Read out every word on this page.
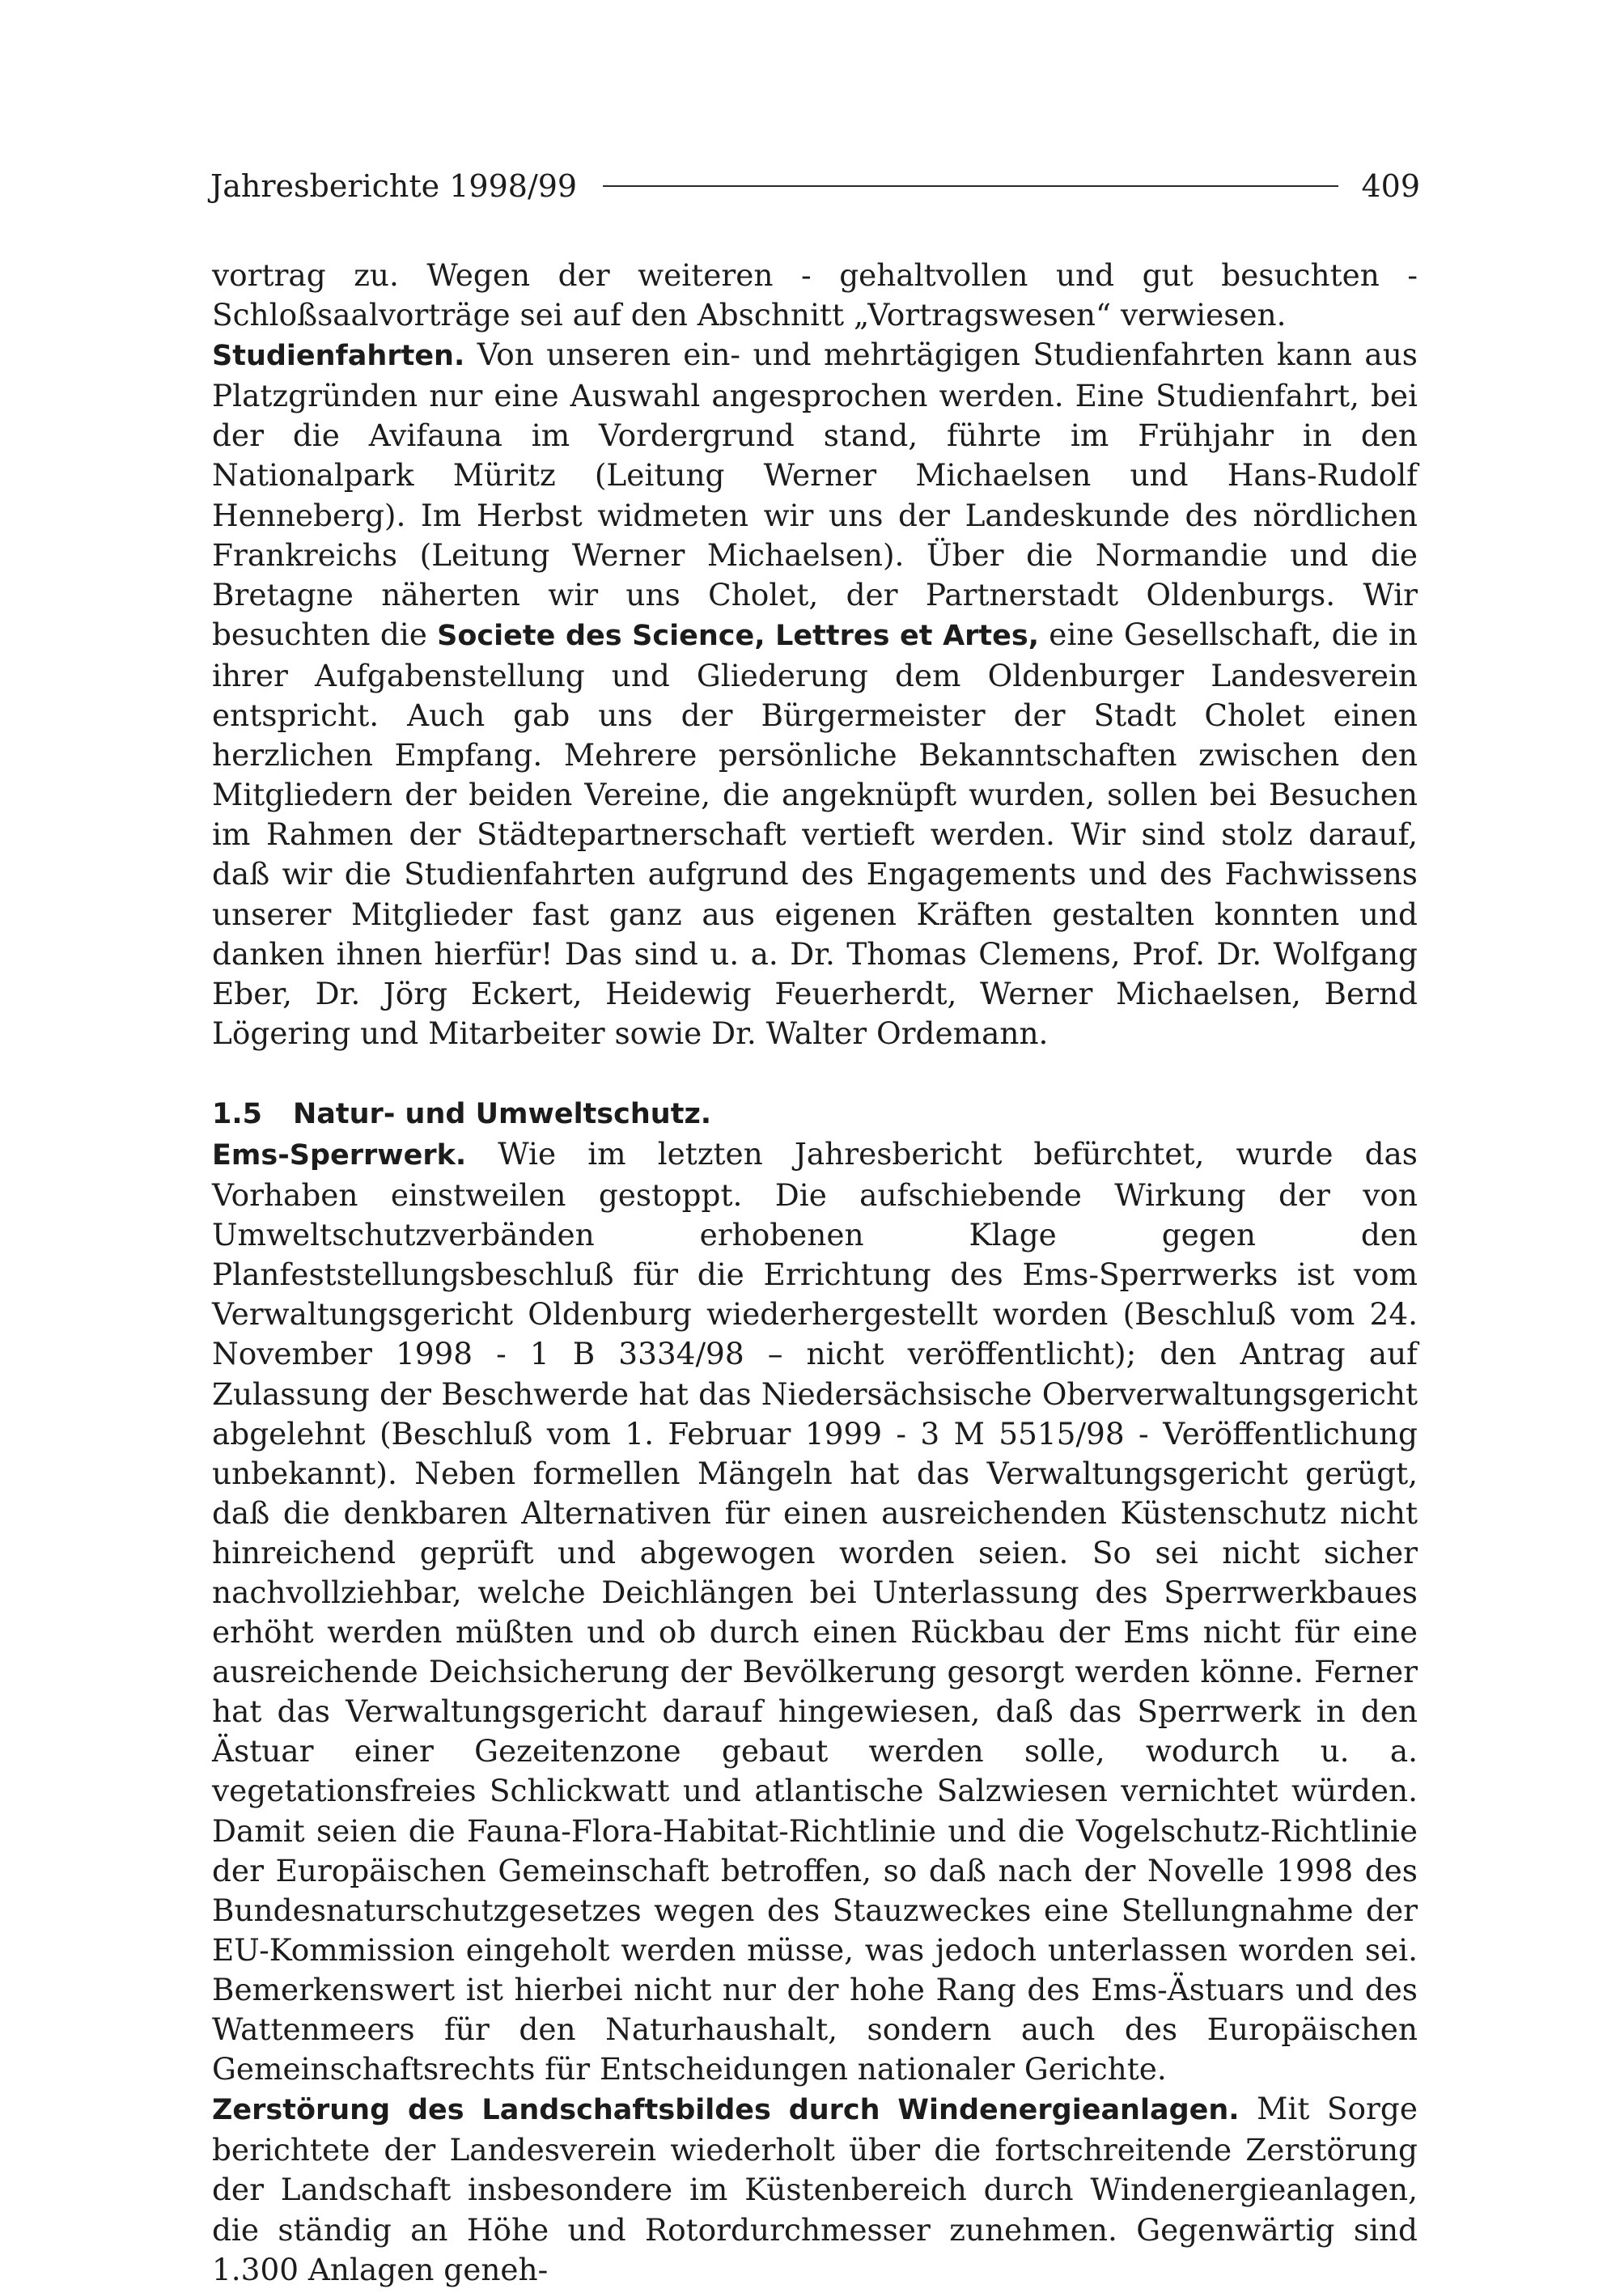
Jahresberichte 1998/99	409

vortrag zu. Wegen der weiteren - gehaltvollen und gut besuchten - Schloßsaalvorträge sei auf den Abschnitt „Vortragswesen“ verwiesen.

Studienfahrten. Von unseren ein- und mehrtägigen Studienfahrten kann aus Platzgründen nur eine Auswahl angesprochen werden. Eine Studienfahrt, bei der die Avifauna im Vordergrund stand, führte im Frühjahr in den Nationalpark Müritz (Leitung Werner Michaelsen und Hans-Rudolf Henneberg). Im Herbst widmeten wir uns der Landeskunde des nördlichen Frankreichs (Leitung Werner Michaelsen). Über die Normandie und die Bretagne näherten wir uns Cholet, der Partnerstadt Oldenburgs. Wir besuchten die Societe des Science, Lettres et Artes, eine Gesellschaft, die in ihrer Aufgabenstellung und Gliederung dem Oldenburger Landesverein entspricht. Auch gab uns der Bürgermeister der Stadt Cholet einen herzlichen Empfang. Mehrere persönliche Bekanntschaften zwischen den Mitgliedern der beiden Vereine, die angeknüpft wurden, sollen bei Besuchen im Rahmen der Städtepartnerschaft vertieft werden. Wir sind stolz darauf, daß wir die Studienfahrten aufgrund des Engagements und des Fachwissens unserer Mitglieder fast ganz aus eigenen Kräften gestalten konnten und danken ihnen hierfür! Das sind u. a. Dr. Thomas Clemens, Prof. Dr. Wolfgang Eber, Dr. Jörg Eckert, Heidewig Feuerherdt, Werner Michaelsen, Bernd Lögering und Mitarbeiter sowie Dr. Walter Ordemann.

1.5 Natur- und Umweltschutz.

Ems-Sperrwerk. Wie im letzten Jahresbericht befürchtet, wurde das Vorhaben einstweilen gestoppt. Die aufschiebende Wirkung der von Umweltschutzverbänden erhobenen Klage gegen den Planfeststellungsbeschluß für die Errichtung des Ems-Sperrwerks ist vom Verwaltungsgericht Oldenburg wiederhergestellt worden (Beschluß vom 24. November 1998 - 1 B 3334/98 – nicht veröffentlicht); den Antrag auf Zulassung der Beschwerde hat das Niedersächsische Oberverwaltungsgericht abgelehnt (Beschluß vom 1. Februar 1999 - 3 M 5515/98 - Veröffentlichung unbekannt). Neben formellen Mängeln hat das Verwaltungsgericht gerügt, daß die denkbaren Alternativen für einen ausreichenden Küstenschutz nicht hinreichend geprüft und abgewogen worden seien. So sei nicht sicher nachvollziehbar, welche Deichlängen bei Unterlassung des Sperrwerkbaues erhöht werden müßten und ob durch einen Rückbau der Ems nicht für eine ausreichende Deichsicherung der Bevölkerung gesorgt werden könne. Ferner hat das Verwaltungsgericht darauf hingewiesen, daß das Sperrwerk in den Ästuar einer Gezeitenzone gebaut werden solle, wodurch u. a. vegetationsfreies Schlickwatt und atlantische Salzwiesen vernichtet würden. Damit seien die Fauna-Flora-Habitat-Richtlinie und die Vogelschutz-Richtlinie der Europäischen Gemeinschaft betroffen, so daß nach der Novelle 1998 des Bundesnaturschutzgesetzes wegen des Stauzweckes eine Stellungnahme der EU-Kommission eingeholt werden müsse, was jedoch unterlassen worden sei. Bemerkenswert ist hierbei nicht nur der hohe Rang des Ems-Ästuars und des Wattenmeers für den Naturhaushalt, sondern auch des Europäischen Gemeinschaftsrechts für Entscheidungen nationaler Gerichte.

Zerstörung des Landschaftsbildes durch Windenergieanlagen. Mit Sorge berichtete der Landesverein wiederholt über die fortschreitende Zerstörung der Landschaft insbesondere im Küstenbereich durch Windenergieanlagen, die ständig an Höhe und Rotordurchmesser zunehmen. Gegenwärtig sind 1.300 Anlagen geneh-
